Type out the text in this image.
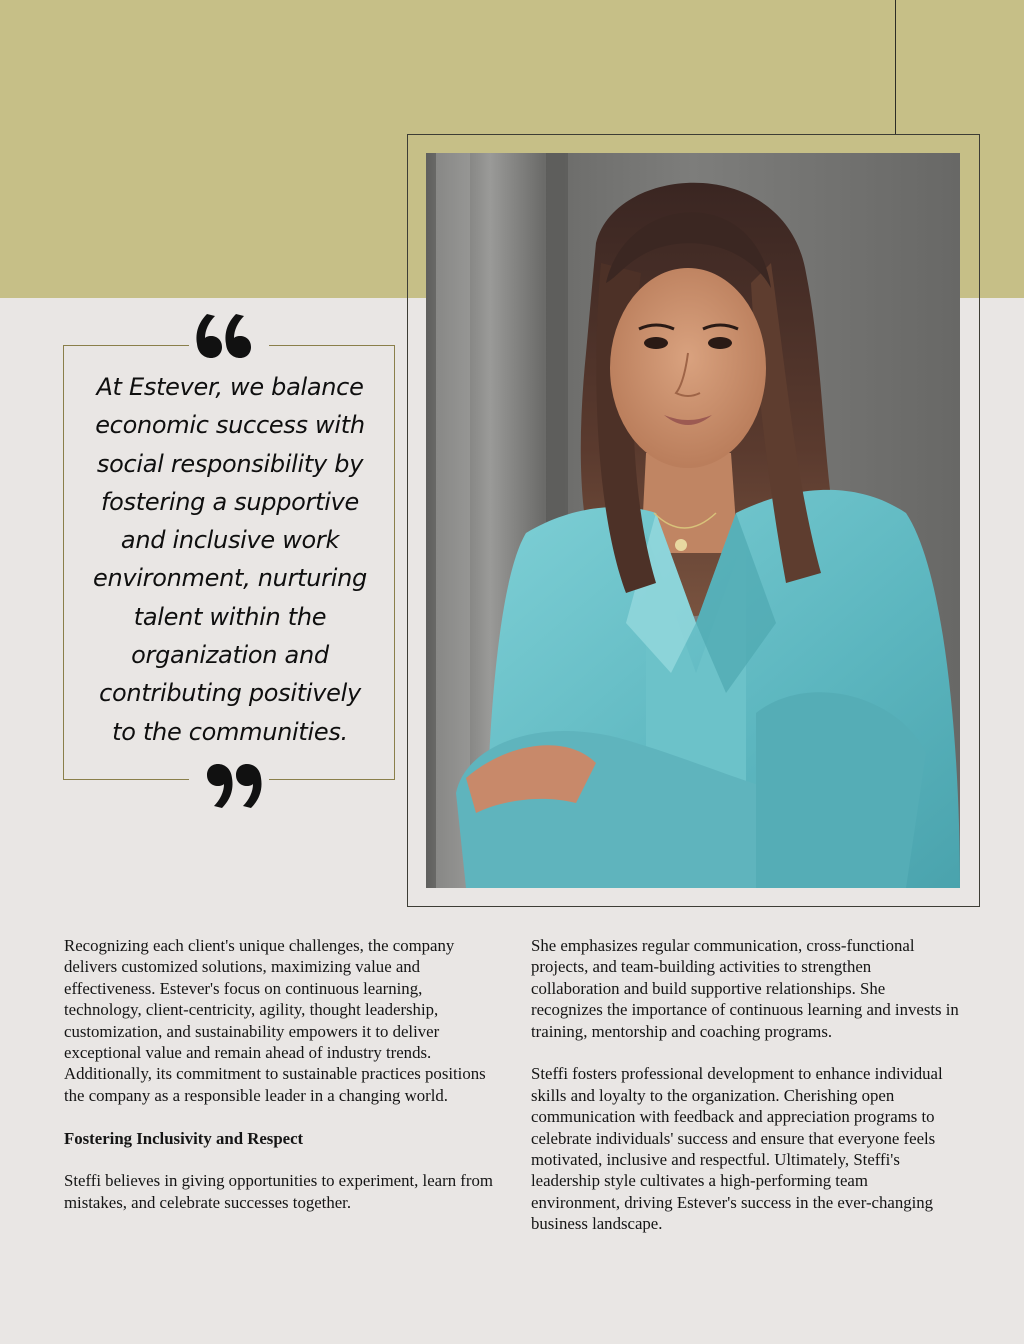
At Estever, we balance
economic success with
social responsibility by
fostering a supportive
and inclusive work
environment, nurturing
talent within the
organization and
contributing positively
to the communities.

Recognizing each client's unique challenges, the company delivers customized solutions, maximizing value and effectiveness. Estever's focus on continuous learning, technology, client-centricity, agility, thought leadership, customization, and sustainability empowers it to deliver exceptional value and remain ahead of industry trends. Additionally, its commitment to sustainable practices positions the company as a responsible leader in a changing world.

Fostering Inclusivity and Respect

Steffi believes in giving opportunities to experiment, learn from mistakes, and celebrate successes together.

She emphasizes regular communication, cross-functional projects, and team-building activities to strengthen collaboration and build supportive relationships. She recognizes the importance of continuous learning and invests in training, mentorship and coaching programs.

Steffi fosters professional development to enhance individual skills and loyalty to the organization. Cherishing open communication with feedback and appreciation programs to celebrate individuals' success and ensure that everyone feels motivated, inclusive and respectful. Ultimately, Steffi's leadership style cultivates a high-performing team environment, driving Estever's success in the ever-changing business landscape.
